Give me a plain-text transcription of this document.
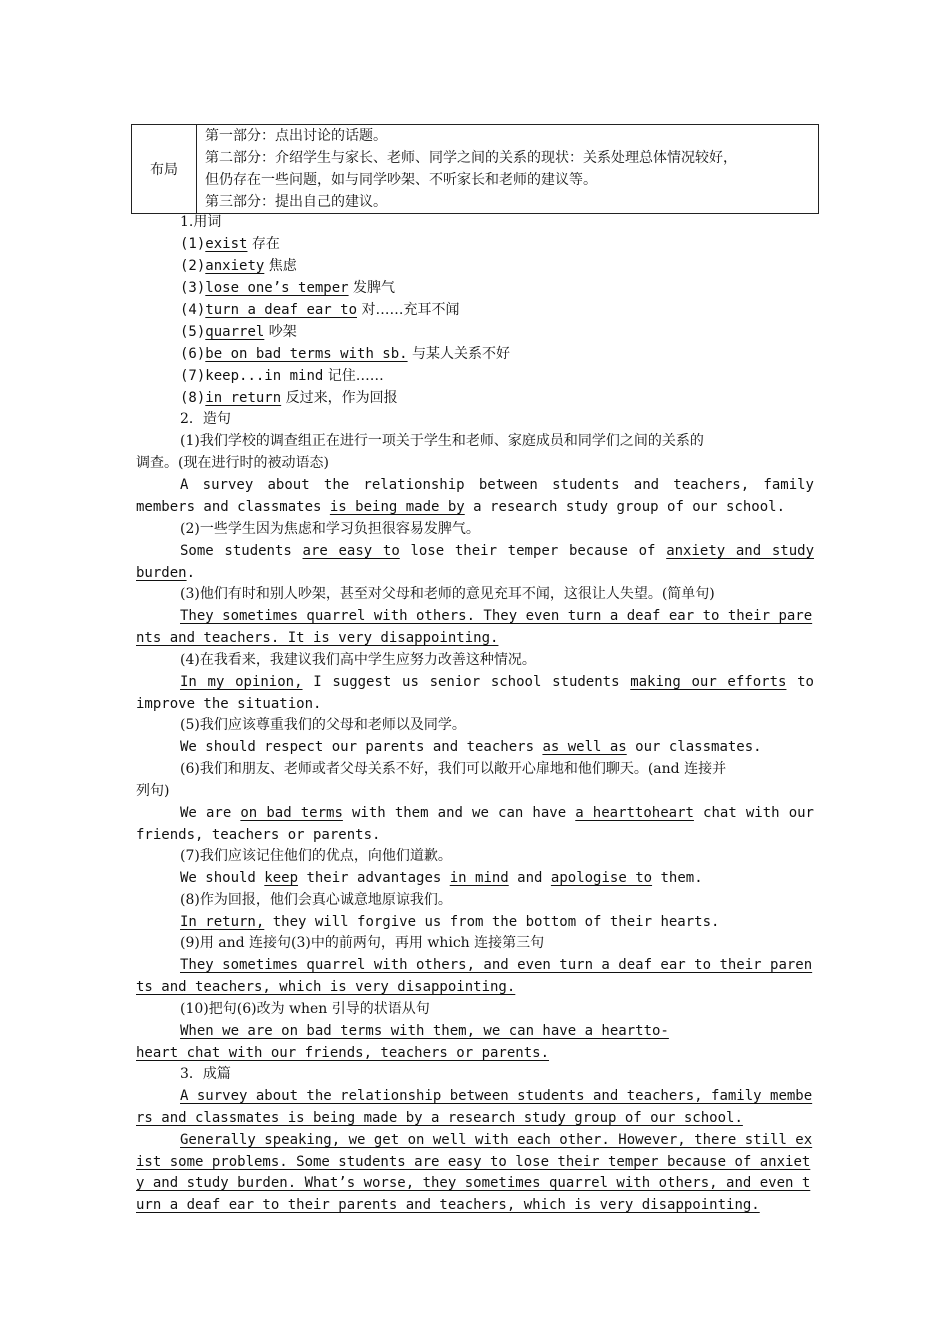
布局	
第一部分：点出讨论的话题。
第二部分：介绍学生与家长、老师、同学之间的关系的现状：关系处理总体情况较好，
但仍存在一些问题，如与同学吵架、不听家长和老师的建议等。
第三部分：提出自己的建议。
1.用词
(1)exist 存在
(2)anxiety 焦虑
(3)lose one’s temper 发脾气
(4)turn a deaf ear to 对……充耳不闻
(5)quarrel 吵架
(6)be on bad terms with sb. 与某人关系不好
(7)keep...in mind 记住……
(8)in return 反过来，作为回报
2．造句
(1)我们学校的调查组正在进行一项关于学生和老师、家庭成员和同学们之间的关系的
调查。(现在进行时的被动语态)
A survey about the relationship between students and teachers, family
members and classmates is being made by a research study group of our school.
(2)一些学生因为焦虑和学习负担很容易发脾气。
Some students are easy to lose their temper because of anxiety and study
burden.
(3)他们有时和别人吵架，甚至对父母和老师的意见充耳不闻，这很让人失望。(简单句)
They sometimes quarrel with others. They even turn a deaf ear to their pare
nts and teachers. It is very disappointing.
(4)在我看来，我建议我们高中学生应努力改善这种情况。
In my opinion, I suggest us senior school students making our efforts to
improve the situation.
(5)我们应该尊重我们的父母和老师以及同学。
We should respect our parents and teachers as well as our classmates.
(6)我们和朋友、老师或者父母关系不好，我们可以敞开心扉地和他们聊天。(and 连接并
列句)
We are on bad terms with them and we can have a hearttoheart chat with our
friends, teachers or parents.
(7)我们应该记住他们的优点，向他们道歉。
We should keep their advantages in mind and apologise to them.
(8)作为回报，他们会真心诚意地原谅我们。
In return, they will forgive us from the bottom of their hearts.
(9)用 and 连接句(3)中的前两句，再用 which 连接第三句
They sometimes quarrel with others, and even turn a deaf ear to their paren
ts and teachers, which is very disappointing.
(10)把句(6)改为 when 引导的状语从句
When we are on bad terms with them, we can have a heartto-
heart chat with our friends, teachers or parents.
3．成篇
A survey about the relationship between students and teachers, family membe
rs and classmates is being made by a research study group of our school.
Generally speaking, we get on well with each other. However, there still ex
ist some problems. Some students are easy to lose their temper because of anxiet
y and study burden. What’s worse, they sometimes quarrel with others, and even t
urn a deaf ear to their parents and teachers, which is very disappointing.
